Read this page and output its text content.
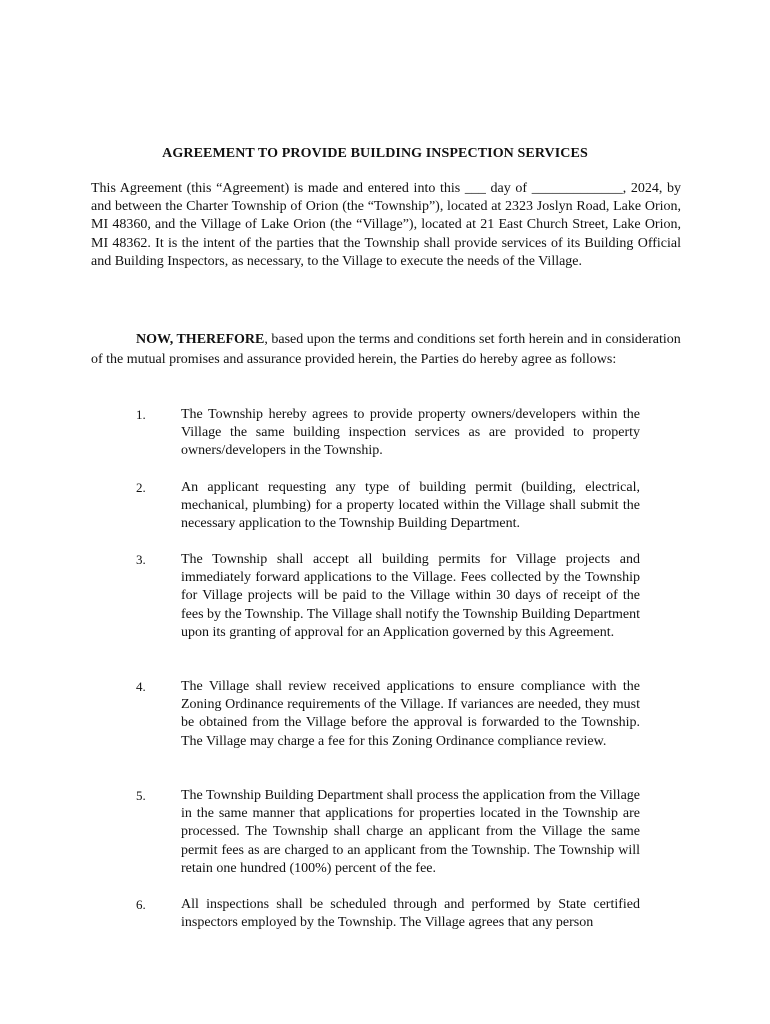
AGREEMENT TO PROVIDE BUILDING INSPECTION SERVICES
This Agreement (this “Agreement) is made and entered into this ___ day of _____________, 2024, by and between the Charter Township of Orion (the “Township”), located at 2323 Joslyn Road, Lake Orion, MI 48360, and the Village of Lake Orion (the “Village”), located at 21 East Church Street, Lake Orion, MI 48362. It is the intent of the parties that the Township shall provide services of its Building Official and Building Inspectors, as necessary, to the Village to execute the needs of the Village.
NOW, THEREFORE, based upon the terms and conditions set forth herein and in consideration of the mutual promises and assurance provided herein, the Parties do hereby agree as follows:
1.	The Township hereby agrees to provide property owners/developers within the Village the same building inspection services as are provided to property owners/developers in the Township.
2.	An applicant requesting any type of building permit (building, electrical, mechanical, plumbing) for a property located within the Village shall submit the necessary application to the Township Building Department.
3.	The Township shall accept all building permits for Village projects and immediately forward applications to the Village. Fees collected by the Township for Village projects will be paid to the Village within 30 days of receipt of the fees by the Township. The Village shall notify the Township Building Department upon its granting of approval for an Application governed by this Agreement.
4.	The Village shall review received applications to ensure compliance with the Zoning Ordinance requirements of the Village. If variances are needed, they must be obtained from the Village before the approval is forwarded to the Township. The Village may charge a fee for this Zoning Ordinance compliance review.
5.	The Township Building Department shall process the application from the Village in the same manner that applications for properties located in the Township are processed. The Township shall charge an applicant from the Village the same permit fees as are charged to an applicant from the Township. The Township will retain one hundred (100%) percent of the fee.
6.	All inspections shall be scheduled through and performed by State certified inspectors employed by the Township. The Village agrees that any person
